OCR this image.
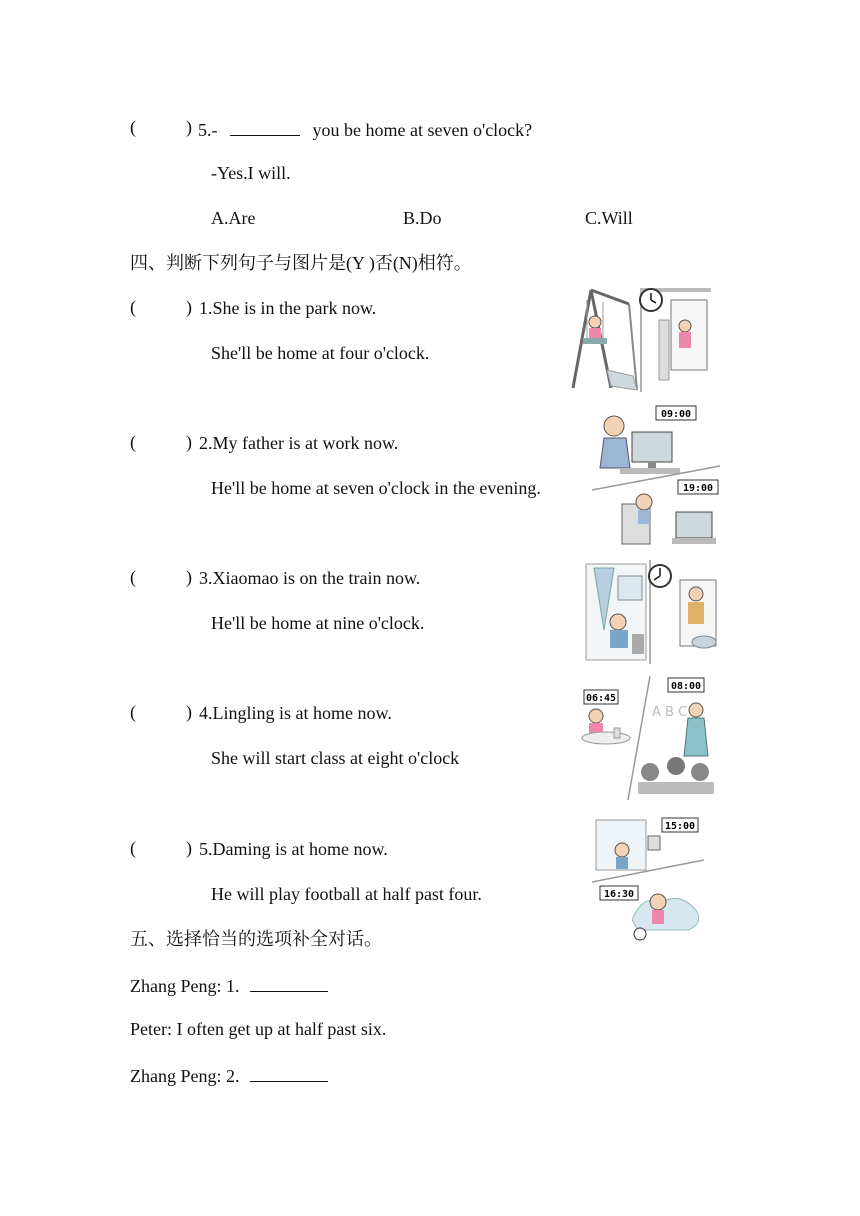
(	) 5.-	you be home at seven o'clock?
-Yes.I will.
A.Are	B.Do	C.Will
四、判断下列句子与图片是(Y )否(N)相符。
(	) 1.She is in the park now.
She'll be home at four o'clock.
(	) 2.My father is at work now.
He'll be home at seven o'clock in the evening.
(	) 3.Xiaomao is on the train now.
He'll be home at nine o'clock.
(	) 4.Lingling is at home now.
She will start class at eight o'clock
(	) 5.Daming is at home now.
He will play football at half past four.
五、选择恰当的选项补全对话。
Zhang Peng: 1.
Peter: I often get up at half past six.
Zhang Peng: 2.
09:00
19:00
06:45
08:00
A B C
15:00
16:30
